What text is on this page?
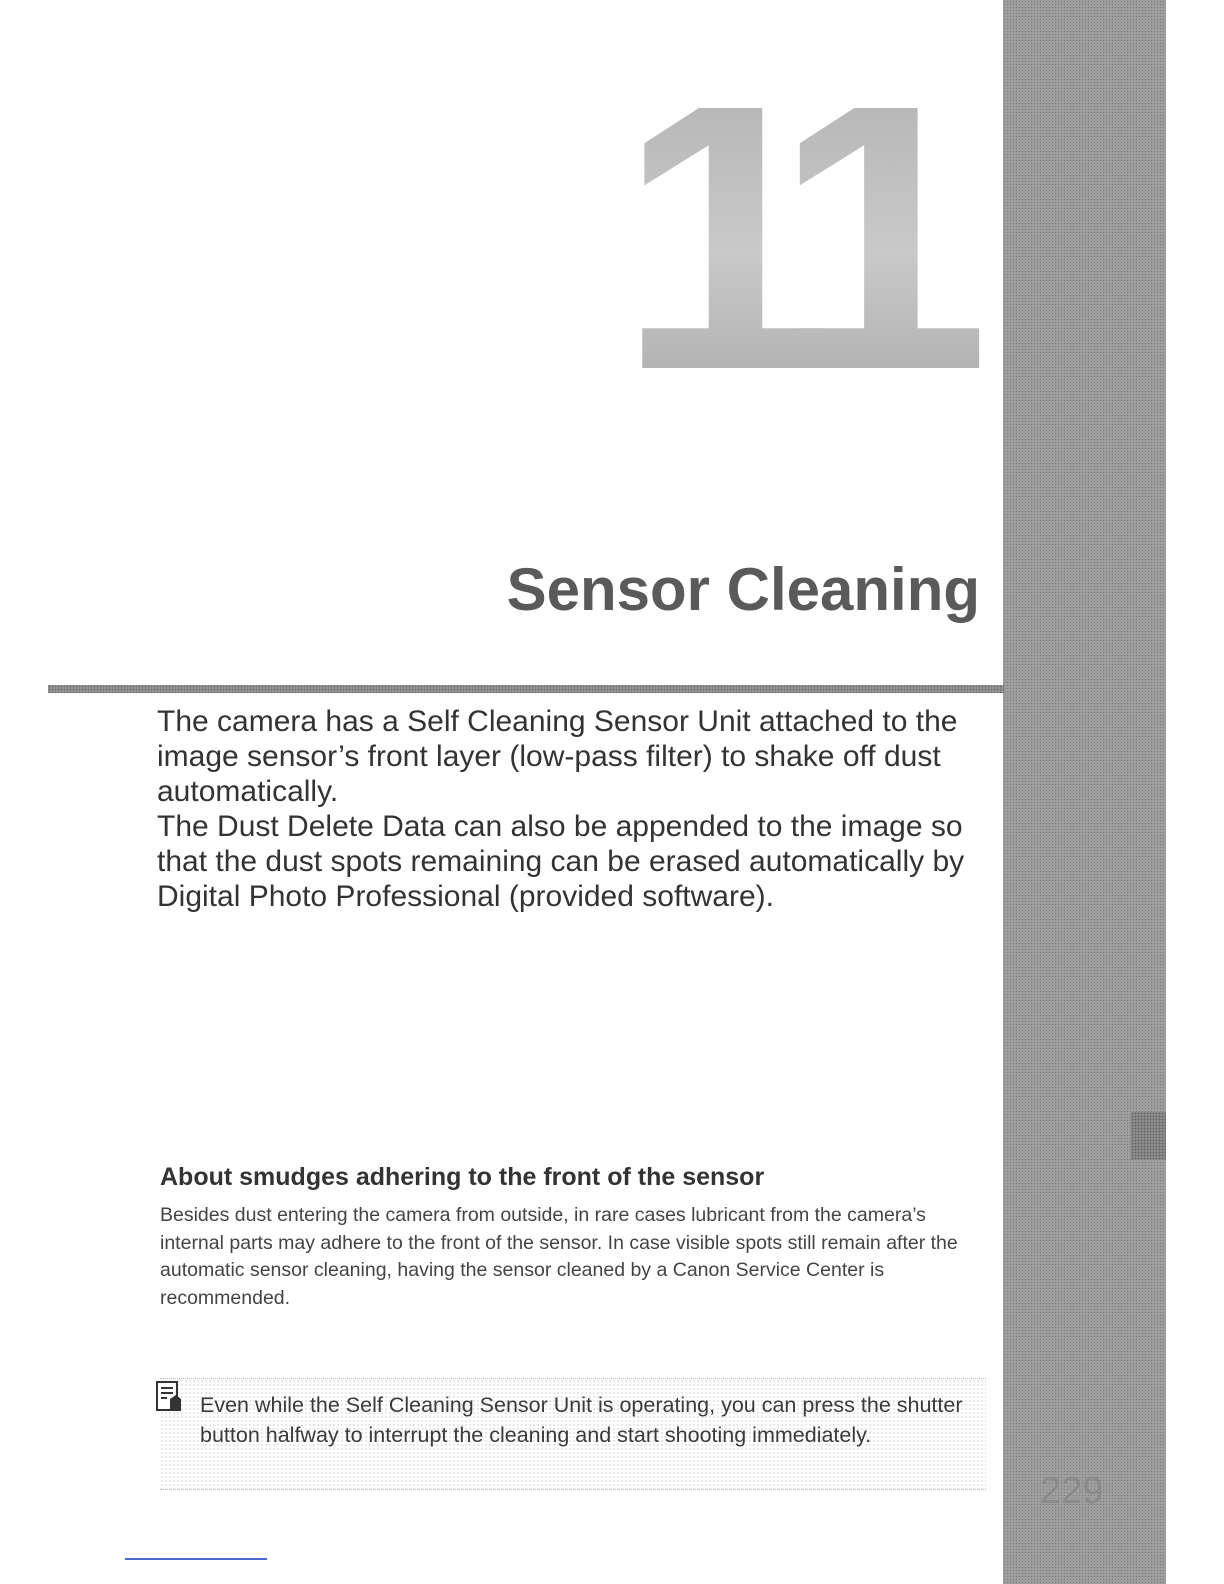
229
11
Sensor Cleaning

The camera has a Self Cleaning Sensor Unit attached to the image sensor’s front layer (low-pass filter) to shake off dust automatically.

The Dust Delete Data can also be appended to the image so that the dust spots remaining can be erased automatically by Digital Photo Professional (provided software).

About smudges adhering to the front of the sensor

Besides dust entering the camera from outside, in rare cases lubricant from the camera’s internal parts may adhere to the front of the sensor. In case visible spots still remain after the automatic sensor cleaning, having the sensor cleaned by a Canon Service Center is recommended.

Even while the Self Cleaning Sensor Unit is operating, you can press the shutter button halfway to interrupt the cleaning and start shooting immediately.
